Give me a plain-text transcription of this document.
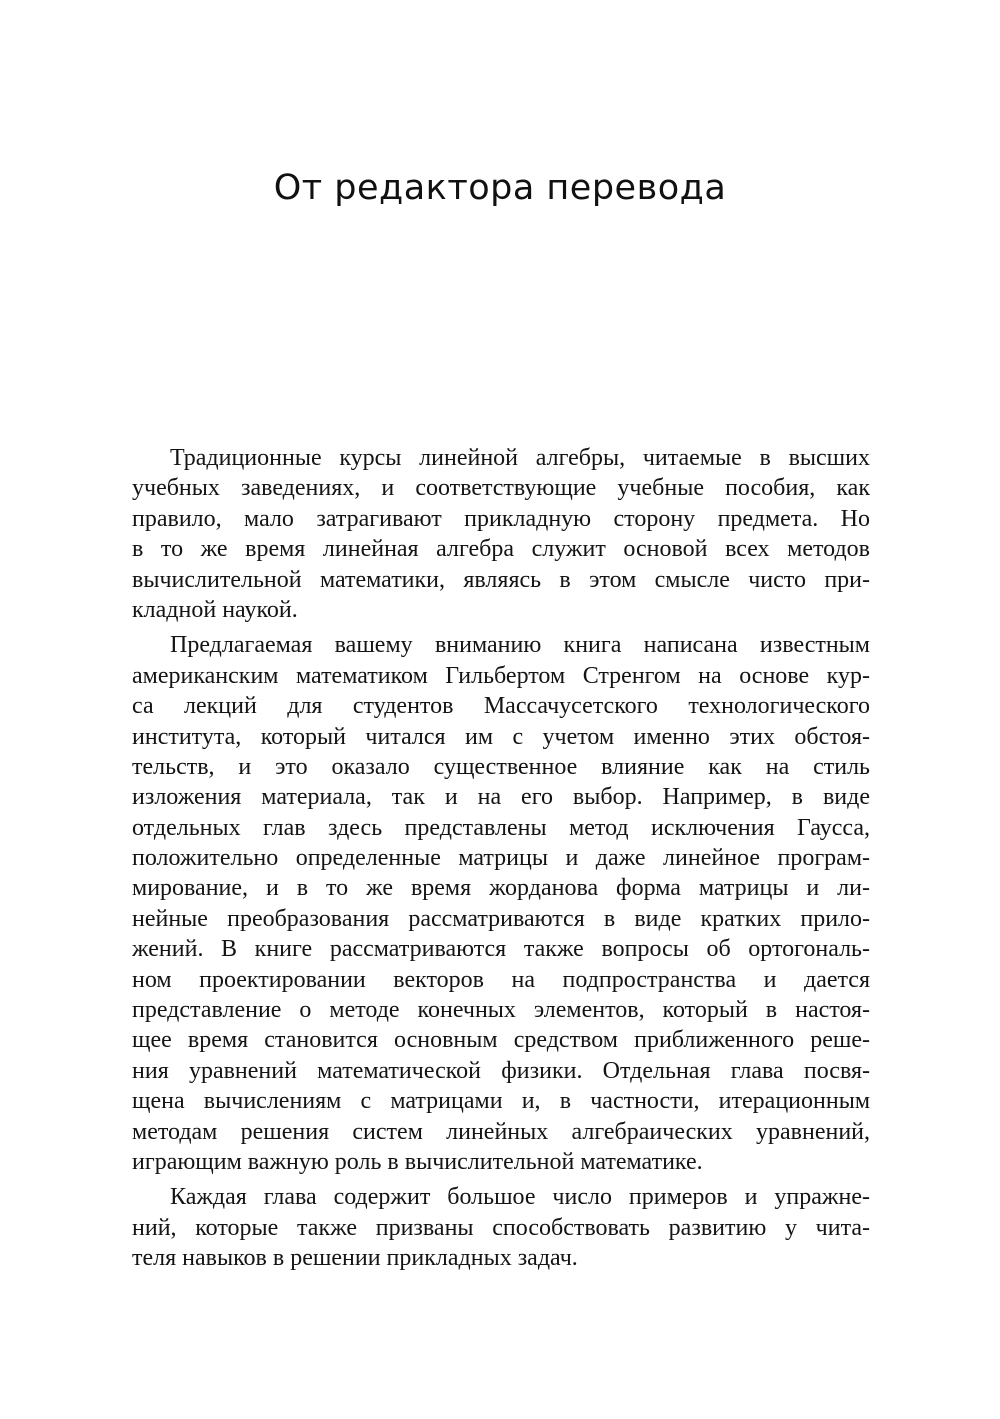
От редактора перевода
Традиционные курсы линейной алгебры, читаемые в высших
учебных заведениях, и соответствующие учебные пособия, как
правило, мало затрагивают прикладную сторону предмета. Но
в то же время линейная алгебра служит основой всех методов
вычислительной математики, являясь в этом смысле чисто при-
кладной наукой.
Предлагаемая вашему вниманию книга написана известным
американским математиком Гильбертом Стренгом на основе кур-
са лекций для студентов Массачусетского технологического
института, который читался им с учетом именно этих обстоя-
тельств, и это оказало существенное влияние как на стиль
изложения материала, так и на его выбор. Например, в виде
отдельных глав здесь представлены метод исключения Гаусса,
положительно определенные матрицы и даже линейное програм-
мирование, и в то же время жорданова форма матрицы и ли-
нейные преобразования рассматриваются в виде кратких прило-
жений. В книге рассматриваются также вопросы об ортогональ-
ном проектировании векторов на подпространства и дается
представление о методе конечных элементов, который в настоя-
щее время становится основным средством приближенного реше-
ния уравнений математической физики. Отдельная глава посвя-
щена вычислениям с матрицами и, в частности, итерационным
методам решения систем линейных алгебраических уравнений,
играющим важную роль в вычислительной математике.
Каждая глава содержит большое число примеров и упражне-
ний, которые также призваны способствовать развитию у чита-
теля навыков в решении прикладных задач.
